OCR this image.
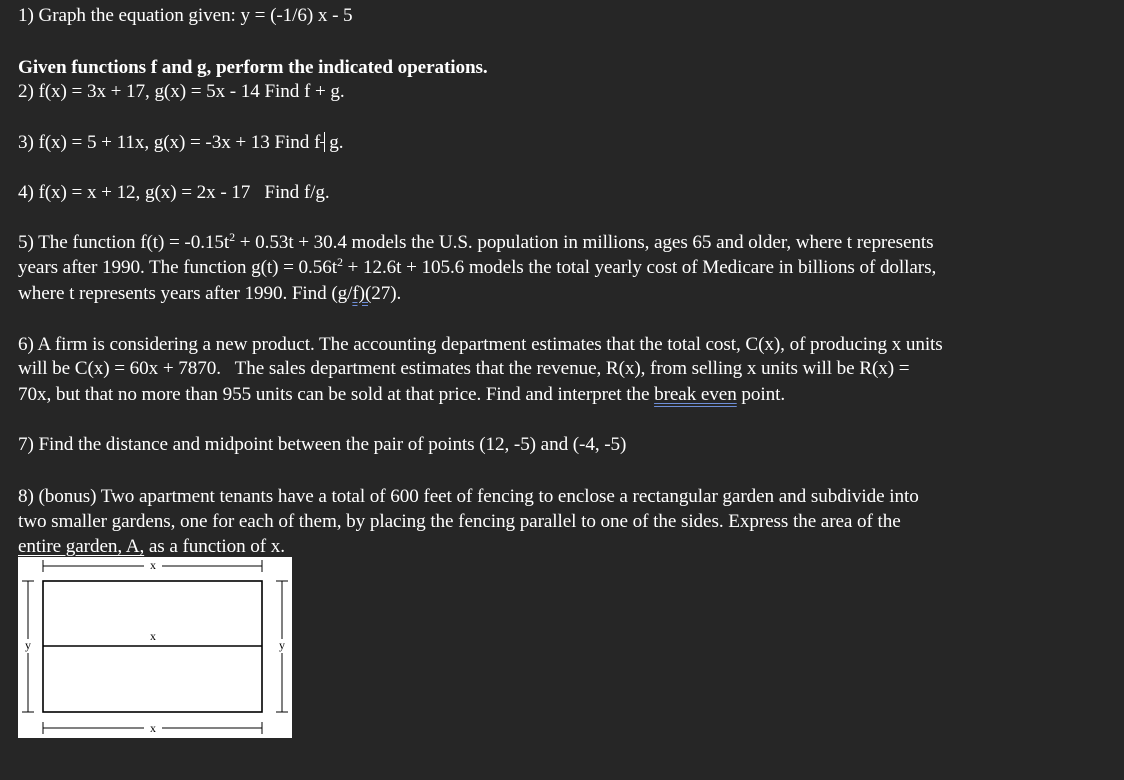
1) Graph the equation given: y = (-1/6) x - 5
Given functions f and g, perform the indicated operations.
2) f(x) = 3x + 17, g(x) = 5x - 14 Find f + g.
3) f(x) = 5 + 11x, g(x) = -3x + 13 Find f g.
4) f(x) = x + 12, g(x) = 2x - 17   Find f/g.
5) The function $f(t) = -0.15t^2 + 0.53t + 30.4$ models the U.S. population in millions, ages 65 and older, where t represents
years after 1990. The function $g(t) = 0.56t^2 + 12.6t + 105.6$ models the total yearly cost of Medicare in billions of dollars,
where t represents years after 1990. Find (g/f)(27).
6) A firm is considering a new product. The accounting department estimates that the total cost, C(x), of producing x units
will be C(x) = 60x + 7870.   The sales department estimates that the revenue, R(x), from selling x units will be R(x) =
70x, but that no more than 955 units can be sold at that price. Find and interpret the break even point.
7) Find the distance and midpoint between the pair of points (12, -5) and (-4, -5)
8) (bonus) Two apartment tenants have a total of 600 feet of fencing to enclose a rectangular garden and subdivide into
two smaller gardens, one for each of them, by placing the fencing parallel to one of the sides. Express the area of the
entire garden, A, as a function of x.
x
x
x
y	y
